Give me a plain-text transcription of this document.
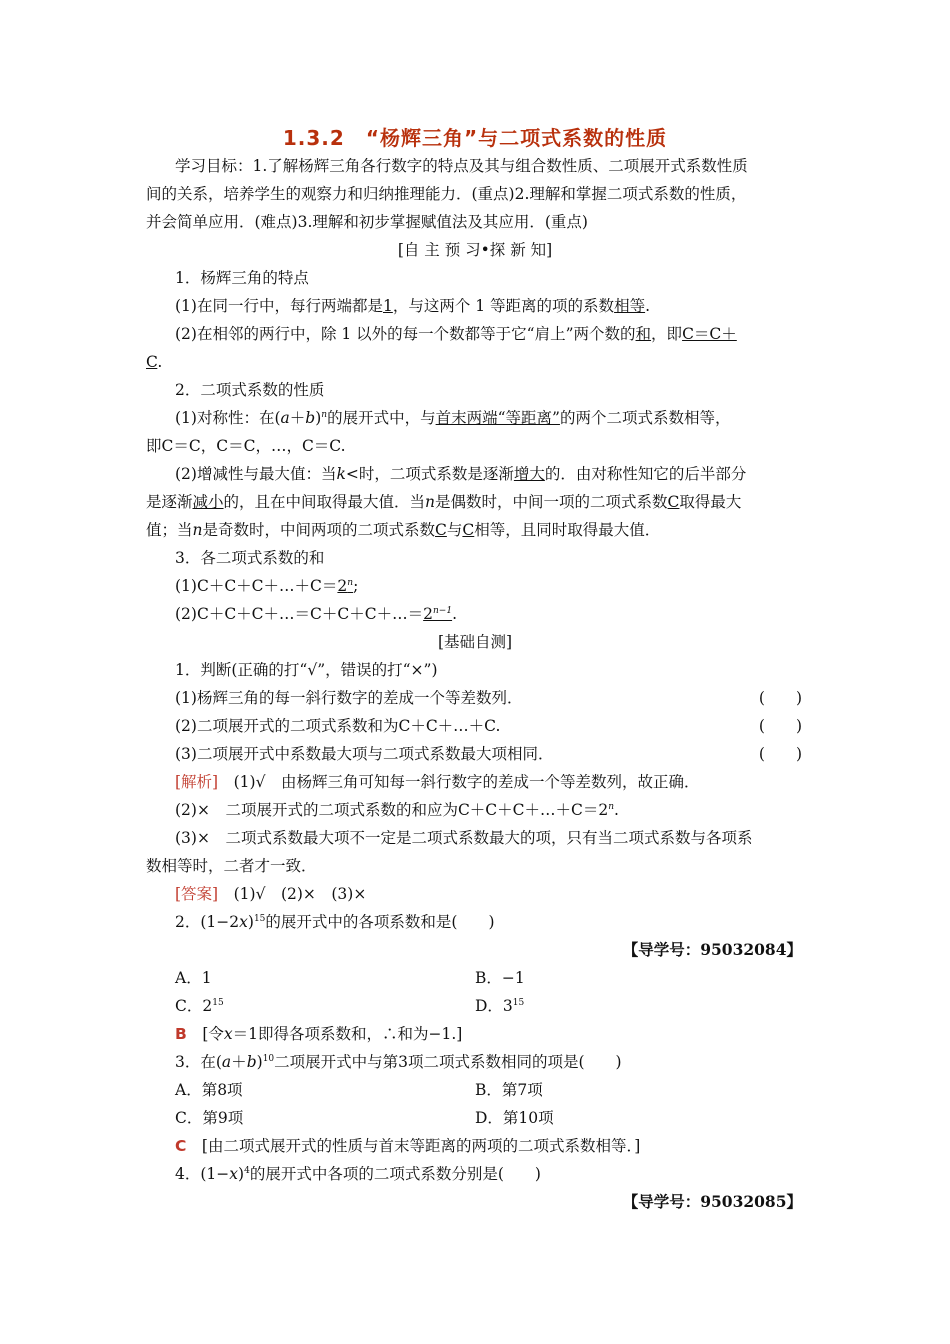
1.3.2　“杨辉三角”与二项式系数的性质
学习目标：1.了解杨辉三角各行数字的特点及其与组合数性质、二项展开式系数性质
间的关系，培养学生的观察力和归纳推理能力．(重点)2.理解和掌握二项式系数的性质，
并会简单应用．(难点)3.理解和初步掌握赋值法及其应用．(重点)
[自 主 预 习•探 新 知]
1．杨辉三角的特点
(1)在同一行中，每行两端都是1，与这两个 1 等距离的项的系数相等.
(2)在相邻的两行中，除 1 以外的每一个数都等于它“肩上”两个数的和，即C＝C＋
C.
2．二项式系数的性质
(1)对称性：在$(a+b)^n$的展开式中，与首末两端“等距离”的两个二项式系数相等，
即C＝C，C＝C，…，C＝C.
(2)增减性与最大值：当k<时，二项式系数是逐渐增大的．由对称性知它的后半部分
是逐渐减小的，且在中间取得最大值．当n是偶数时，中间一项的二项式系数C取得最大
值；当n是奇数时，中间两项的二项式系数C与C相等，且同时取得最大值．
3．各二项式系数的和
$(1)C+C+C+\dots+C=2^n$;
$(2)C+C+C+\dots=C+C+C+\dots=2^{n-1}$.
[基础自测]
1．判断(正确的打“√”，错误的打“×”)
(1)杨辉三角的每一斜行数字的差成一个等差数列．	(　　)
(2)二项展开式的二项式系数和为C＋C＋…＋C.	(　　)
(3)二项展开式中系数最大项与二项式系数最大项相同．	(　　)
[解析]　(1)√　由杨辉三角可知每一斜行数字的差成一个等差数列，故正确．
(2)×　二项展开式的二项式系数的和应为$C+C+C+\dots+C=2^n$.
(3)×　二项式系数最大项不一定是二项式系数最大的项，只有当二项式系数与各项系
数相等时，二者才一致．
[答案]　(1)√　(2)×　(3)×
2．$(1-2x)^{15}$的展开式中的各项系数和是(　　)
【导学号：95032084】
A．1	B．−1
C．$2^{15}$	D．$3^{15}$
B　[令x＝1即得各项系数和，∴和为−1.]
3．在$(a+b)^{10}$二项展开式中与第3项二项式系数相同的项是(　　)
A．第8项	B．第7项
C．第9项	D．第10项
C　[由二项式展开式的性质与首末等距离的两项的二项式系数相等．]
4．$(1-x)^4$的展开式中各项的二项式系数分别是(　　)
【导学号：95032085】
